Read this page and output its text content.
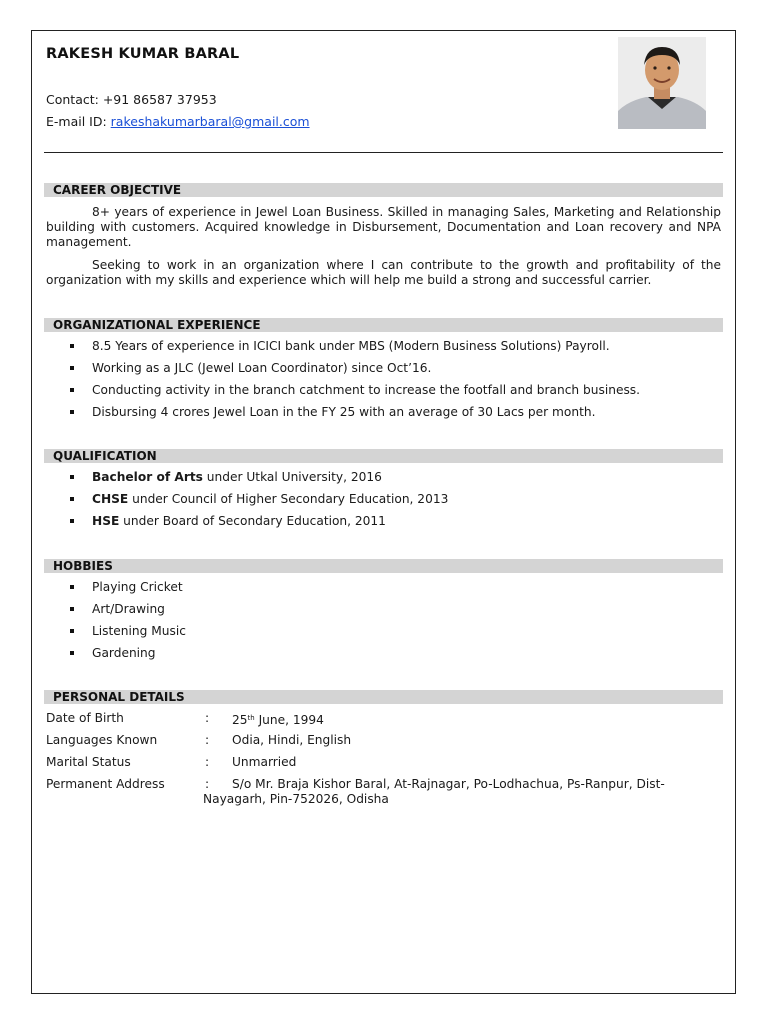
RAKESH KUMAR BARAL
Contact: +91 86587 37953
E-mail ID: rakeshakumarbaral@gmail.com
CAREER OBJECTIVE

8+ years of experience in Jewel Loan Business. Skilled in managing Sales, Marketing and Relationship building with customers. Acquired knowledge in Disbursement, Documentation and Loan recovery and NPA management.

Seeking to work in an organization where I can contribute to the growth and profitability of the organization with my skills and experience which will help me build a strong and successful carrier.

ORGANIZATIONAL EXPERIENCE
8.5 Years of experience in ICICI bank under MBS (Modern Business Solutions) Payroll.
Working as a JLC (Jewel Loan Coordinator) since Oct’16.
Conducting activity in the branch catchment to increase the footfall and branch business.
Disbursing 4 crores Jewel Loan in the FY 25 with an average of 30 Lacs per month.
QUALIFICATION
Bachelor of Arts under Utkal University, 2016
CHSE under Council of Higher Secondary Education, 2013
HSE under Board of Secondary Education, 2011
HOBBIES
Playing Cricket
Art/Drawing
Listening Music
Gardening
PERSONAL DETAILS
Date of Birth	: 25th June, 1994
Languages Known	: Odia, Hindi, English
Marital Status	: Unmarried
Permanent Address	:	S/o Mr. Braja Kishor Baral, At-Rajnagar, Po-Lodhachua, Ps-Ranpur, Dist-Nayagarh, Pin-752026, Odisha
